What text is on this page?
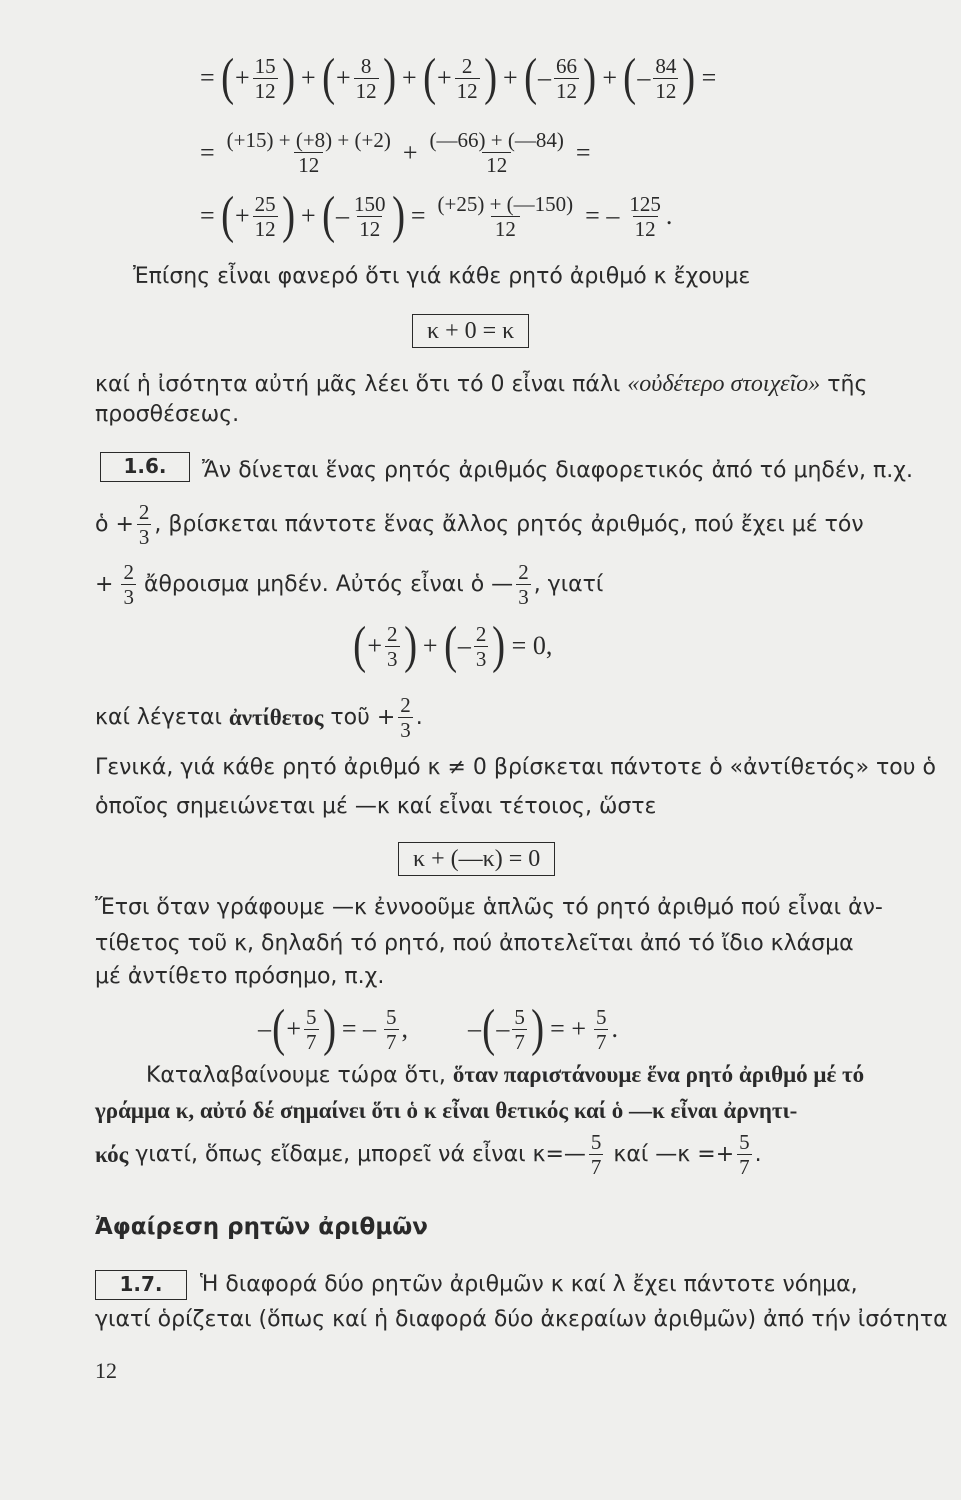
= ( + $\frac{15}{12}$ ) + ( + $\frac{8}{12}$ ) + ( + $\frac{2}{12}$ ) + ( – $\frac{66}{12}$ ) + ( – $\frac{84}{12}$ ) =
= $\frac{(+15) + (+8) + (+2)}{12} + \frac{(—66) + (—84)}{12}$ =
= ( + $\frac{25}{12}$ ) + ( – $\frac{150}{12}$ ) = $\frac{(+25) + (—150)}{12}$ = – $\frac{125}{12}$ .
Ἐπίσης εἶναι φανερό ὅτι γιά κάθε ρητό ἀριθμό κ ἔχουμε
κ + 0 = κ
καί ἡ ἰσότητα αὐτή μᾶς λέει ὅτι τό 0 εἶναι πάλι «οὐδέτερο στοιχεῖο» τῆς
προσθέσεως.
1.6.	Ἄν δίνεται ἕνας ρητός ἀριθμός διαφορετικός ἀπό τό μηδέν, π.χ.
ὁ + $\frac{2}{3}$ , βρίσκεται πάντοτε ἕνας ἄλλος ρητός ἀριθμός, πού ἔχει μέ τόν
+ $\frac{2}{3}$ ἄθροισμα μηδέν. Αὐτός εἶναι ὁ — $\frac{2}{3}$ , γιατί
( + $\frac{2}{3}$ ) + ( – $\frac{2}{3}$ ) = 0,
καί λέγεται
ἀντίθετος
τοῦ + $\frac{2}{3}$ .
Γενικά, γιά κάθε ρητό ἀριθμό κ ≠ 0 βρίσκεται πάντοτε ὁ «ἀντίθετός» του ὁ
ὁποῖος σημειώνεται μέ —κ καί εἶναι τέτοιος, ὥστε
κ + (—κ) = 0
Ἔτσι ὅταν γράφουμε —κ ἐννοοῦμε ἁπλῶς τό ρητό ἀριθμό πού εἶναι ἀν-
τίθετος τοῦ κ, δηλαδή τό ρητό, πού ἀποτελεῖται ἀπό τό ἴδιο κλάσμα
μέ ἀντίθετο πρόσημο, π.χ.
– ( + $\frac{5}{7}$ ) = – $\frac{5}{7}$ , – ( – $\frac{5}{7}$ ) = + $\frac{5}{7}$ .
Καταλαβαίνουμε τώρα ὅτι, ὅταν παριστάνουμε ἕνα ρητό ἀριθμό μέ τό
γράμμα κ, αὐτό δέ σημαίνει ὅτι ὁ κ εἶναι θετικός καί ὁ —κ εἶναι ἀρνητι-
κός
γιατί, ὅπως εἴδαμε, μπορεῖ νά εἶναι κ=— $\frac{5}{7}$
καί —κ =+ $\frac{5}{7}$ .
Ἀφαίρεση ρητῶν ἀριθμῶν
1.7.	Ἡ διαφορά δύο ρητῶν ἀριθμῶν κ καί λ ἔχει πάντοτε νόημα,
γιατί ὁρίζεται (ὅπως καί ἡ διαφορά δύο ἀκεραίων ἀριθμῶν) ἀπό τήν ἰσότητα
12
